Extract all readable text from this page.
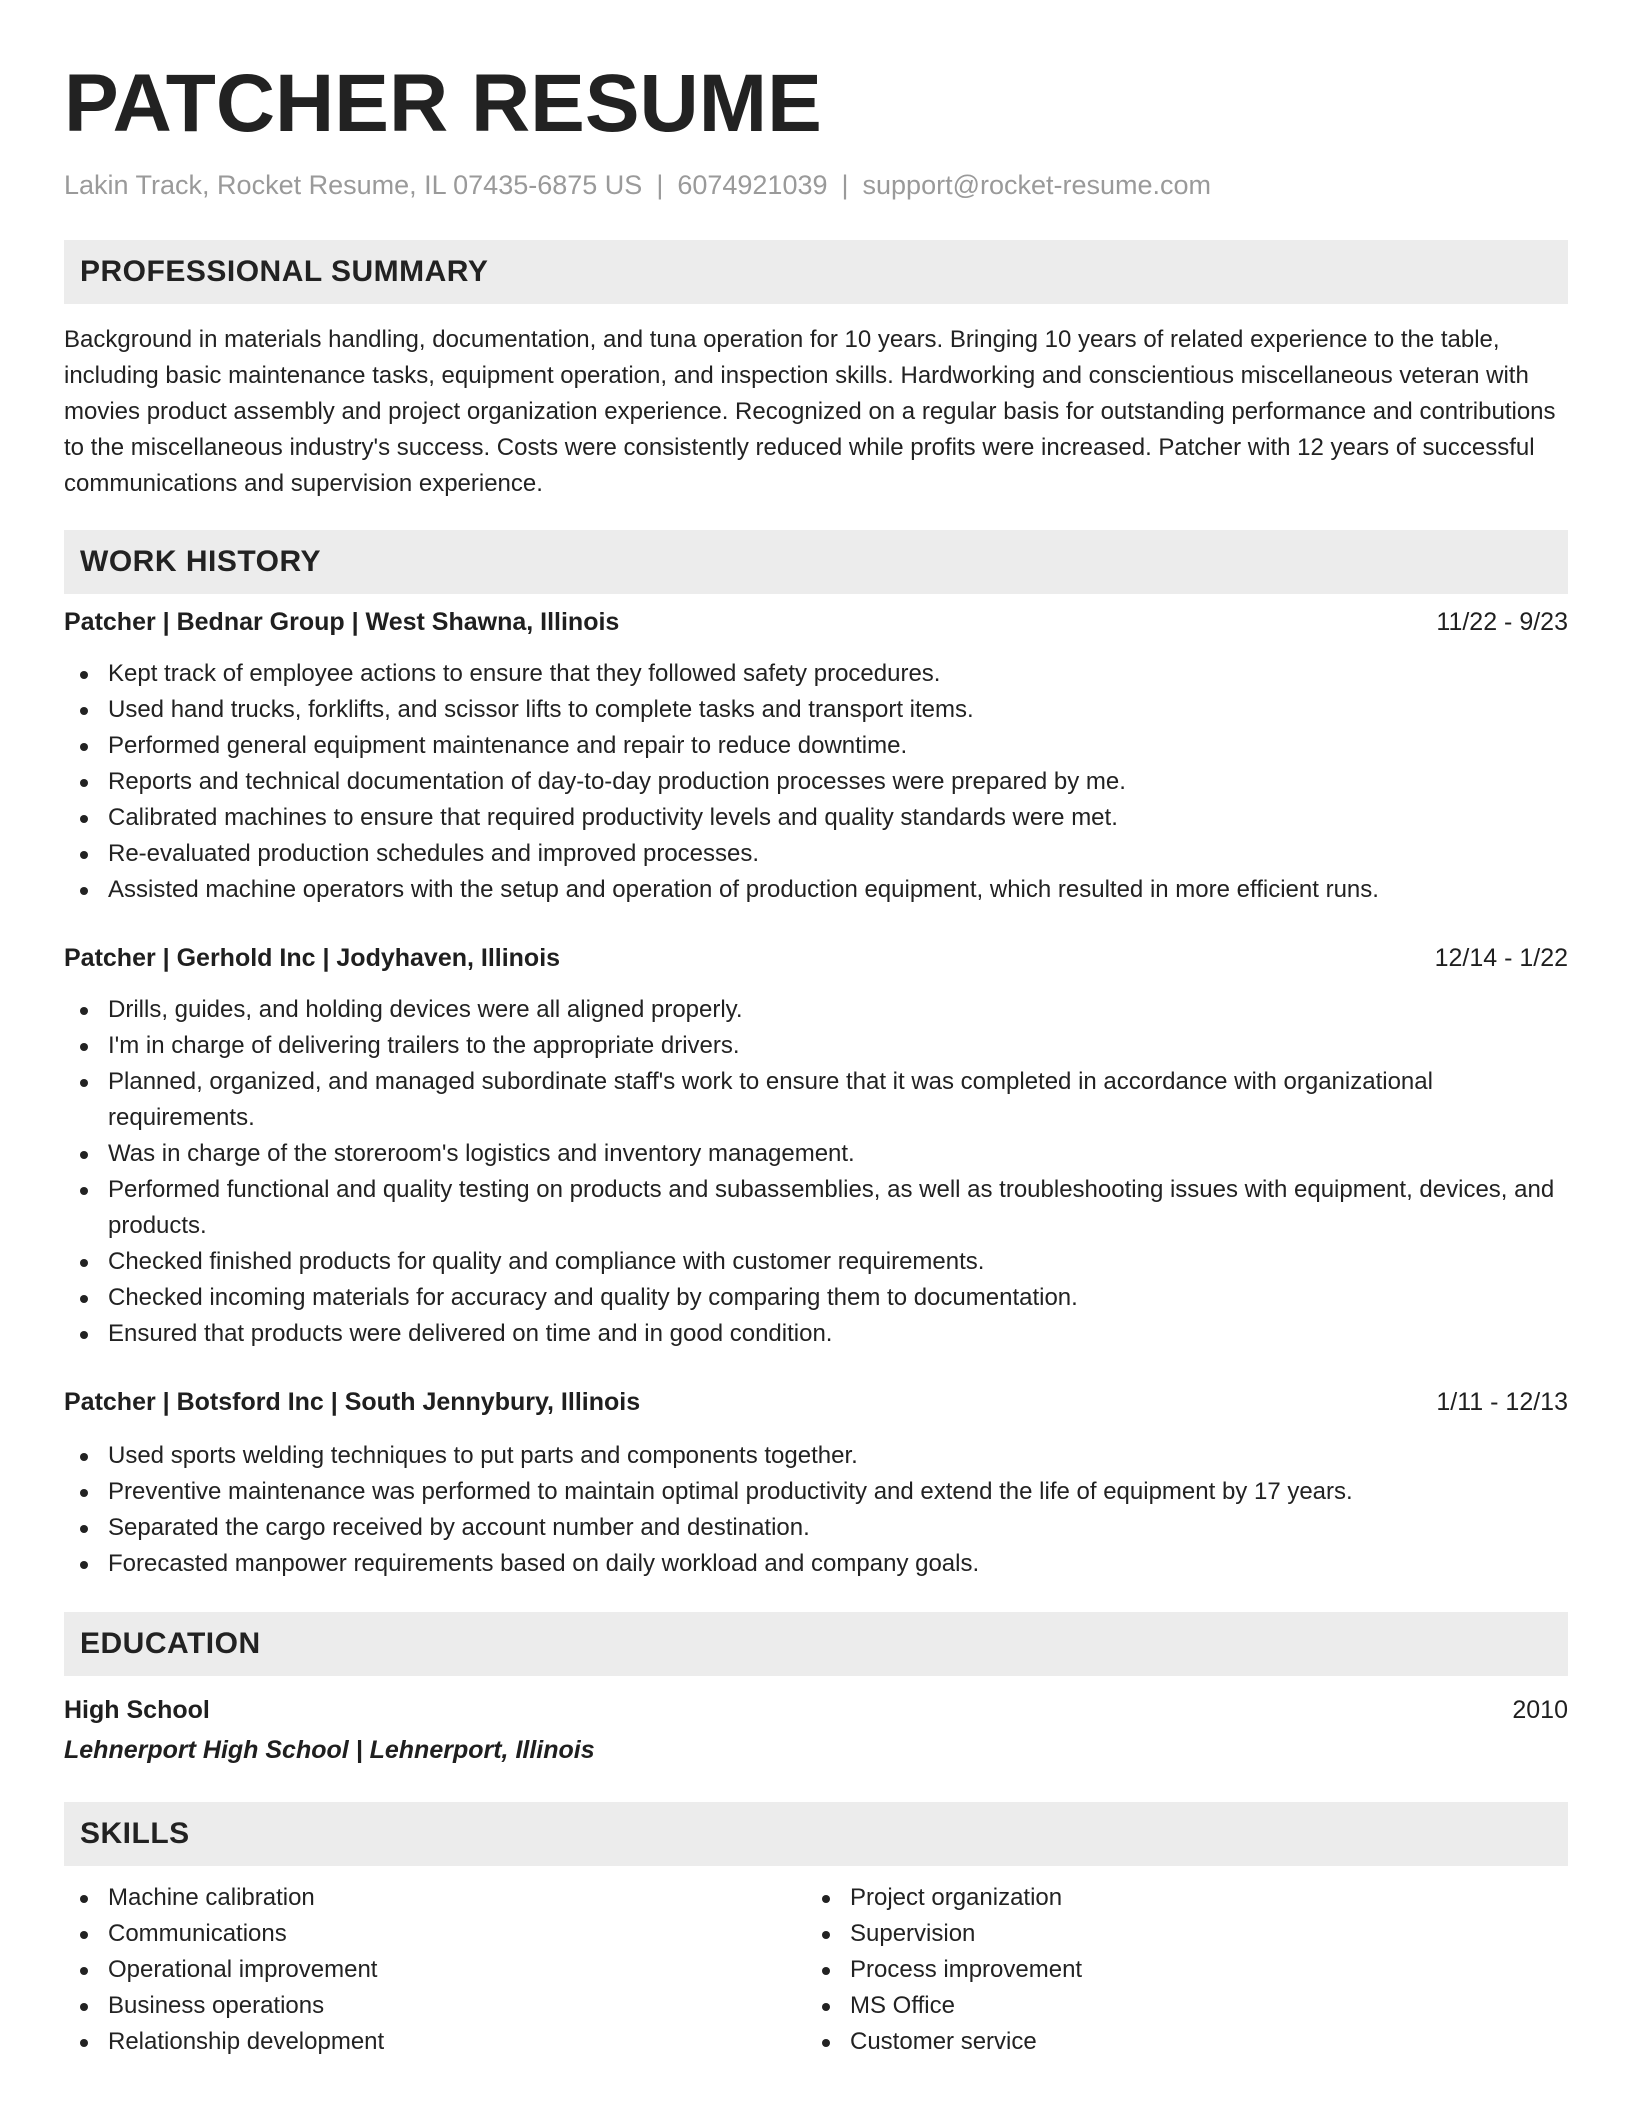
PATCHER RESUME
Lakin Track, Rocket Resume, IL 07435-6875 US | 6074921039 | support@rocket-resume.com
PROFESSIONAL SUMMARY

Background in materials handling, documentation, and tuna operation for 10 years. Bringing 10 years of related experience to the table, including basic maintenance tasks, equipment operation, and inspection skills. Hardworking and conscientious miscellaneous veteran with movies product assembly and project organization experience. Recognized on a regular basis for outstanding performance and contributions to the miscellaneous industry's success. Costs were consistently reduced while profits were increased. Patcher with 12 years of successful communications and supervision experience.

WORK HISTORY
Patcher | Bednar Group | West Shawna, Illinois	11/22 - 9/23
Kept track of employee actions to ensure that they followed safety procedures.
Used hand trucks, forklifts, and scissor lifts to complete tasks and transport items.
Performed general equipment maintenance and repair to reduce downtime.
Reports and technical documentation of day-to-day production processes were prepared by me.
Calibrated machines to ensure that required productivity levels and quality standards were met.
Re-evaluated production schedules and improved processes.
Assisted machine operators with the setup and operation of production equipment, which resulted in more efficient runs.
Patcher | Gerhold Inc | Jodyhaven, Illinois	12/14 - 1/22
Drills, guides, and holding devices were all aligned properly.
I'm in charge of delivering trailers to the appropriate drivers.
Planned, organized, and managed subordinate staff's work to ensure that it was completed in accordance with organizational requirements.
Was in charge of the storeroom's logistics and inventory management.
Performed functional and quality testing on products and subassemblies, as well as troubleshooting issues with equipment, devices, and products.
Checked finished products for quality and compliance with customer requirements.
Checked incoming materials for accuracy and quality by comparing them to documentation.
Ensured that products were delivered on time and in good condition.
Patcher | Botsford Inc | South Jennybury, Illinois	1/11 - 12/13
Used sports welding techniques to put parts and components together.
Preventive maintenance was performed to maintain optimal productivity and extend the life of equipment by 17 years.
Separated the cargo received by account number and destination.
Forecasted manpower requirements based on daily workload and company goals.
EDUCATION
High School	2010
Lehnerport High School | Lehnerport, Illinois
SKILLS
Machine calibration
Communications
Operational improvement
Business operations
Relationship development
Project organization
Supervision
Process improvement
MS Office
Customer service
